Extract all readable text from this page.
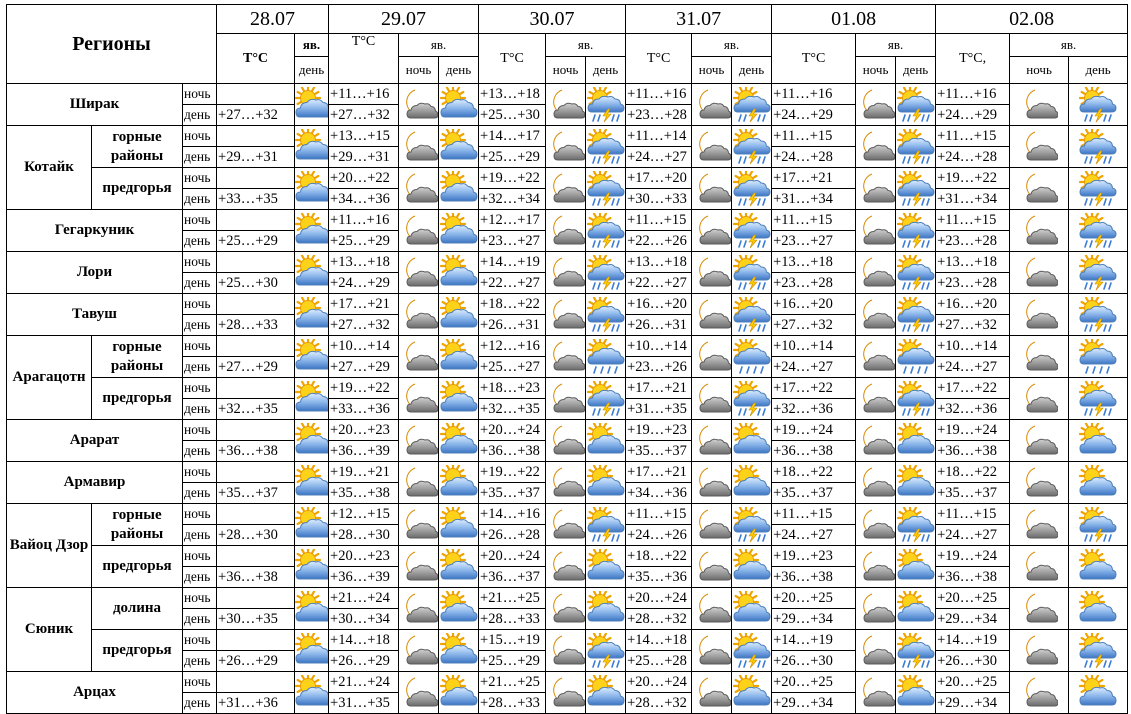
Регионы			28.07		29.07			30.07			31.07			01.08			02.08		
			T°C	яв.	T°C	яв.		T°C	яв.		T°C	яв.		T°C	яв.		T°C,	яв.	
				день		ночь	день		ночь	день		ночь	день		ночь	день		ночь	день
Ширак		ночь			+11…+16			+13…+18			+11…+16			+11…+16			+11…+16	

		день	+27…+32		+27…+32			+25…+30			+23…+28			+24…+29			+24…+29		
Котайк	горные районы	ночь			+13…+15			+14…+17			+11…+14			+11…+15			+11…+15	

		день	+29…+31		+29…+31			+25…+29			+24…+27			+24…+28			+24…+28		
	предгорья	ночь			+20…+22			+19…+22			+17…+20			+17…+21			+19…+22	

		день	+33…+35		+34…+36			+32…+34			+30…+33			+31…+34			+31…+34		
Гегаркуник		ночь			+11…+16			+12…+17			+11…+15			+11…+15			+11…+15	

		день	+25…+29		+25…+29			+23…+27			+22…+26			+23…+27			+23…+28		
Лори		ночь			+13…+18			+14…+19			+13…+18			+13…+18			+13…+18	

		день	+25…+30		+24…+29			+22…+27			+22…+27			+23…+28			+23…+28		
Тавуш		ночь			+17…+21			+18…+22			+16…+20			+16…+20			+16…+20	

		день	+28…+33		+27…+32			+26…+31			+26…+31			+27…+32			+27…+32		
Арагацотн	горные районы	ночь			+10…+14			+12…+16			+10…+14			+10…+14			+10…+14	

		день	+27…+29		+27…+29			+25…+27			+23…+26			+24…+27			+24…+27		
	предгорья	ночь			+19…+22			+18…+23			+17…+21			+17…+22			+17…+22	

		день	+32…+35		+33…+36			+32…+35			+31…+35			+32…+36			+32…+36		
Арарат		ночь			+20…+23			+20…+24			+19…+23			+19…+24			+19…+24	

		день	+36…+38		+36…+39			+36…+38			+35…+37			+36…+38			+36…+38		
Армавир		ночь			+19…+21			+19…+22			+17…+21			+18…+22			+18…+22	

		день	+35…+37		+35…+38			+35…+37			+34…+36			+35…+37			+35…+37		
Вайоц Дзор	горные районы	ночь			+12…+15			+14…+16			+11…+15			+11…+15			+11…+15	

		день	+28…+30		+28…+30			+26…+28			+24…+26			+24…+27			+24…+27		
	предгорья	ночь			+20…+23			+20…+24			+18…+22			+19…+23			+19…+24	

		день	+36…+38		+36…+39			+36…+37			+35…+36			+36…+38			+36…+38		
Сюник	долина	ночь			+21…+24			+21…+25			+20…+24			+20…+25			+20…+25	

		день	+30…+35		+30…+34			+28…+33			+28…+32			+29…+34			+29…+34		
	предгорья	ночь			+14…+18			+15…+19			+14…+18			+14…+19			+14…+19	

		день	+26…+29		+26…+29			+25…+29			+25…+28			+26…+30			+26…+30		
Арцах		ночь			+21…+24			+21…+25			+20…+24			+20…+25			+20…+25	

		день	+31…+36		+31…+35			+28…+33			+28…+32			+29…+34			+29…+34		
